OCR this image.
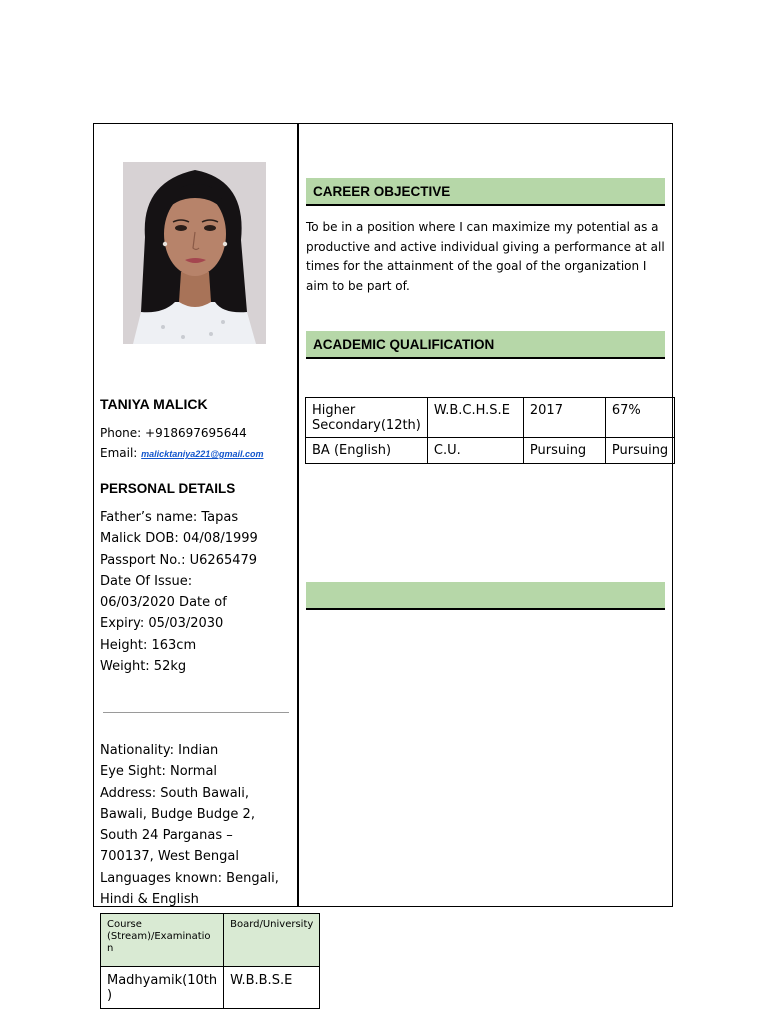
TANIYA MALICK
Phone: +918697695644
Email: malicktaniya221@gmail.com
PERSONAL DETAILS
Father’s name: Tapas
Malick DOB: 04/08/1999
Passport No.: U6265479
Date Of Issue:
06/03/2020 Date of
Expiry: 05/03/2030
Height: 163cm
Weight: 52kg
Nationality: Indian
Eye Sight: Normal
Address: South Bawali,
Bawali, Budge Budge 2,
South 24 Parganas –
700137, West Bengal
Languages known: Bengali,
Hindi & English
CAREER OBJECTIVE
To be in a position where I can maximize my potential as a productive and active individual giving a performance at all times for the attainment of the goal of the organization I aim to be part of.
ACADEMIC QUALIFICATION
Higher Secondary(12th)	W.B.C.H.S.E	2017	67%
BA (English)	C.U.	Pursuing	Pursuing
Course (Stream)/Examinatio n	Board/University
Madhyamik(10th )	W.B.B.S.E
